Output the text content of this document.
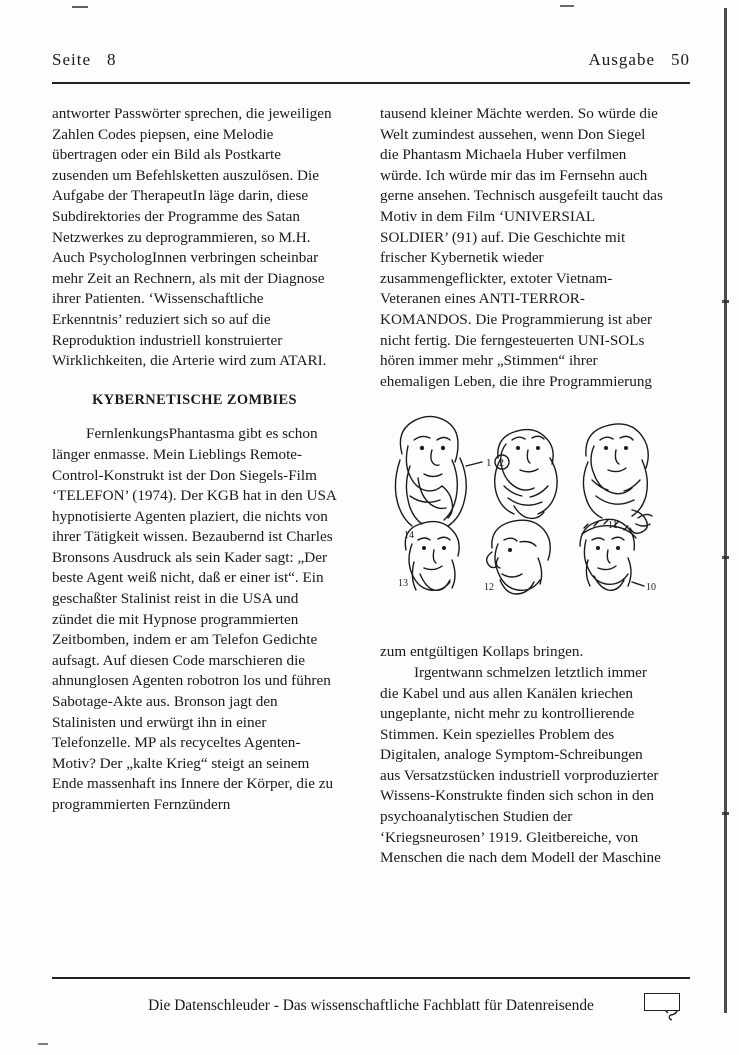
Seite 8	Ausgabe 50

antworter Passwörter sprechen, die jeweiligen Zahlen Codes piepsen, eine Melodie übertragen oder ein Bild als Postkarte zusenden um Befehlsketten auszulösen. Die Aufgabe der TherapeutIn läge darin, diese Subdirektories der Programme des Satan Netzwerkes zu deprogrammieren, so M.H. Auch PsychologInnen verbringen scheinbar mehr Zeit an Rechnern, als mit der Diagnose ihrer Patienten. ‘Wissenschaftliche Erkenntnis’ reduziert sich so auf die Reproduktion industriell konstruierter Wirklichkeiten, die Arterie wird zum ATARI.

KYBERNETISCHE ZOMBIES

FernlenkungsPhantasma gibt es schon länger enmasse. Mein Lieblings Remote-Control-Konstrukt ist der Don Siegels-Film ‘TELEFON’ (1974). Der KGB hat in den USA hypnotisierte Agenten plaziert, die nichts von ihrer Tätigkeit wissen. Bezaubernd ist Charles Bronsons Ausdruck als sein Kader sagt: „Der beste Agent weiß nicht, daß er einer ist“. Ein geschaßter Stalinist reist in die USA und zündet die mit Hypnose programmierten Zeitbomben, indem er am Telefon Gedichte aufsagt. Auf diesen Code marschieren die ahnunglosen Agenten robotron los und führen Sabotage-Akte aus. Bronson jagt den Stalinisten und erwürgt ihn in einer Telefonzelle. MP als recyceltes Agenten-Motiv? Der „kalte Krieg“ steigt an seinem Ende massenhaft ins Innere der Körper, die zu programmierten Fernzündern

tausend kleiner Mächte werden. So würde die Welt zumindest aussehen, wenn Don Siegel die Phantasm Michaela Huber verfilmen würde. Ich würde mir das im Fernsehn auch gerne ansehen. Technisch ausgefeilt taucht das Motiv in dem Film ‘UNIVERSIAL SOLDIER’ (91) auf. Die Geschichte mit frischer Kybernetik wieder zusammengeflickter, extoter Vietnam-Veteranen eines ANTI-TERROR-KOMANDOS. Die Programmierung ist aber nicht fertig. Die ferngesteuerten UNI-SOLs hören immer mehr „Stimmen“ ihrer ehemaligen Leben, die ihre Programmierung

1 2
14
13	12
11
10

zum entgültigen Kollaps bringen.

Irgentwann schmelzen letztlich immer die Kabel und aus allen Kanälen kriechen ungeplante, nicht mehr zu kontrollierende Stimmen. Kein spezielles Problem des Digitalen, analoge Symptom-Schreibungen aus Versatzstücken industriell vorproduzierter Wissens-Konstrukte finden sich schon in den psychoanalytischen Studien der ‘Kriegsneurosen’ 1919. Gleitbereiche, von Menschen die nach dem Modell der Maschine

Die Datenschleuder - Das wissenschaftliche Fachblatt für Datenreisende
